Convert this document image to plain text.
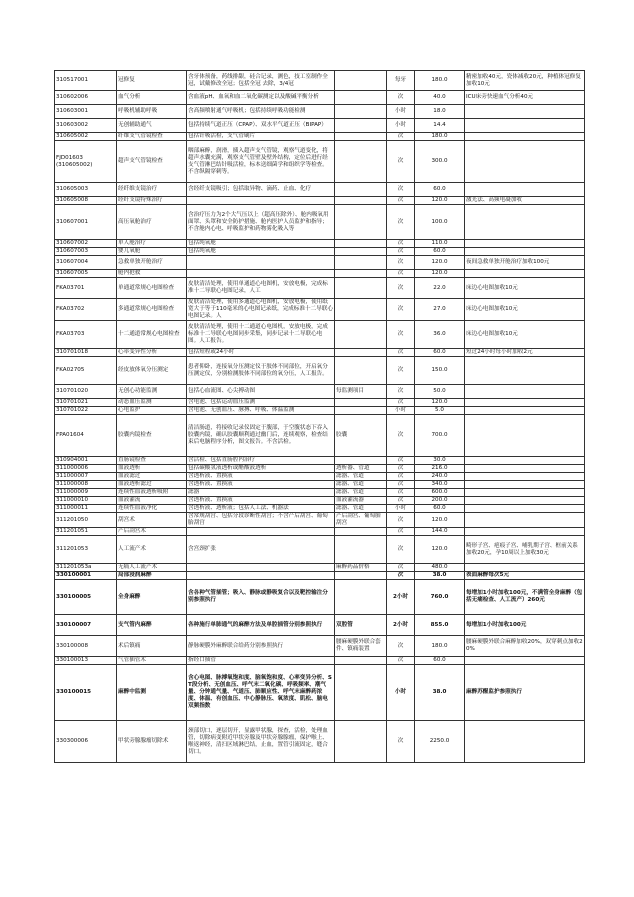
310517001	冠修复	含牙体预备，药线排龈，硅合记录，测色，技工室制作全冠，试戴修改全冠；包括全冠 去除，3/4冠		每牙	180.0	精密加收40元，瓷体减收20元，种植体冠修复加收10元
310602006	血气分析	含血液pH、血氧和血二氧化碳测定以及酸碱平衡分析		次	40.0	ICU床旁快速血气分析40元
310603001	呼吸机辅助呼吸	含高频喷射通气呼吸机；包括持续呼吸功能检测		小时	18.0	
310603002	无创辅助通气	包括持续气道正压（CPAP）、双水平气道正压（BIPAP）		小时	14.4	
310605002	纤维支气管镜检查	包括针吸活检，支气管刷片		次	180.0	
FJD01603
(310605002)	超声支气管镜检查	咽部麻醉，润滑，插入超声支气管镜，观察气道变化，将超声水囊充满，观察支气管壁及壁外结构，定位后进行经支气管淋巴结针吸活检，标本送细菌学和组织学等检查。不含纵隔穿刺等。		次	300.0	
310605003	经纤维支镜治疗	含经纤支镜吸引；包括取异物、滴药、止血、化疗		次	60.0	
310605008	经纤支镜特殊治疗			次	120.0	激光法、高频电凝加收
310607001	高压氧舱治疗	含治疗压力为2个大气压以上（超高压除外）、舱内吸氧用面罩、头罩和安全防护措施、舱内医护人员监护和指导；不含舱内心电、呼吸监护和药物雾化吸入等		次	100.0	
310607002	单人舱治疗	包括纯氧舱		次	110.0	
310607003	婴儿氧舱	包括纯氧舱		次	60.0	
310607004	急救单独开舱治疗			次	120.0	夜间急救单独开舱治疗加收100元
310607005	舱内抢救			次	120.0	
FKA03701	单通道常规心电图检查	皮肤清洁处理，使用单通道心电图机，安放电极，完成标准十二导联心电图记录，人工		次	22.0	床边心电图加收10元
FKA03702	多通道常规心电图检查	皮肤清洁处理，使用多通道心电图机，安放电极，使用纸宽大于等于110毫米的心电图记录纸，完成标准十二导联心电图记录。人		次	27.0	床边心电图加收10元
FKA03703	十二通道常规心电图检查	皮肤清洁处理，使用十二通道心电图机，安放电极，完成标准十二导联心电图同步采集，同步记录十二导联心电图。人工报告。		次	36.0	床边心电图加收10元
310701018	心率变异性分析	包括短程或24小时		次	60.0	短过24小时每小时加收2元
FKA02705	经皮放体氧分压测定	患者仰卧，连接氧分压测定仪于肢体不同部位，开启氧分压测定仪，分别检测肢体不同部位的氧分压，人工报告。		次	150.0	
310701020	无创心功能监测	包括心血流图、心尖搏动图	每监测项目	次	50.0	
310701021	动态血压监测	含电池、包括运动血压监测		次	120.0	
310701022	心电监护	含电池、无创血压、脉搏、呼吸、体温监测		小时	5.0	
FPA01604	胶囊内镜检查	清洁肠道，将接收记录仪固定于腹部，于空腹状态下吞入胶囊内镜，确认胶囊顺利通过幽门后，连续观察，检查结束后电脑程序分析，图文报告。不含活检。	胶囊	次	700.0	
310904001	直肠镜检查	含活检、包括直肠腔内治疗		次	30.0	
311000006	血液透析	包括碳酸氢液透析或醋酸液透析	透析器、管道	次	216.0	
311000007	血液滤过	含透析液、置换液	滤器、管道	次	240.0	
311000008	血液透析滤过	含透析液、置换液	滤器、管道	次	340.0	
311000009	连续性血液透析吸附	滤器	滤器、管道	次	600.0	
311000010	血液灌流	含透析液、置换液	血液灌流器	次	200.0	
311000011	连续性血液净化	含透析液、透析液；包括人工法、机器法	滤器、管道	小时	60.0	
311201050	刮宫术	含常规刮宫、包括分段诊断性刮宫；不含产后刮宫、葡萄胎刮宫	产后刮宫、葡萄胎刮宫	次	120.0	
311201051	产后刮宫术			次	144.0	
311201053	人工流产术	含宫颈扩张		次	120.0	畸形子宫、疤痕子宫、哺乳期子宫、框前关系加收20元，孕10周以上加收30元
311201053a	无痛人工流产术		麻醉药品价格	次	480.0	
330100001	局部浸润麻醉			次	38.0	表面麻醉每次5元
330100005	全身麻醉	含各种气管插管；吸入、静脉或静吸复合以及靶控输注分别参照执行		2小时	760.0	每增加1小时加收100元，不满管全身麻醉（包括无痛检查、人工流产）260元
330100007	支气管内麻醉	各种施行单肺通气的麻醉方法及单腔插管分别参照执行	双腔管	2小时	855.0	每增加1小时加收100元
330100008	术后镇痛	静脉硬膜外麻醉联合给药分别参照执行	腰麻硬膜外联合套件、镇痛装置	次	180.0	腰麻硬膜外联合麻醉加收20%，双穿刺点加收20%
330100013	气管插管术	指经口插管		次	60.0	
330100015	麻醉中监测	含心电图、脉搏氧饱和度、脑氧饱和度、心率变异分析、ST段分析、无创血压、呼气末二氧化碳、呼吸频率、潮气量、分钟通气量、气道压、肺顺应性、呼气末麻醉药浓度、体温、有创血压、中心静脉压、氧浓度、肌松、脑电双频指数		小时	38.0	麻醉苏醒监护参照执行
330300006	甲状旁腺腺瘤切除术	颈部切口，逐层切开，显露甲状腺，探查，活检，处理血管，切除病变附近甲状旁腺及甲状旁腺腺瘤，保护喉上、喉返神经，清扫区域淋巴结，止血，置管引流固定，缝合切口。		次	2250.0	
